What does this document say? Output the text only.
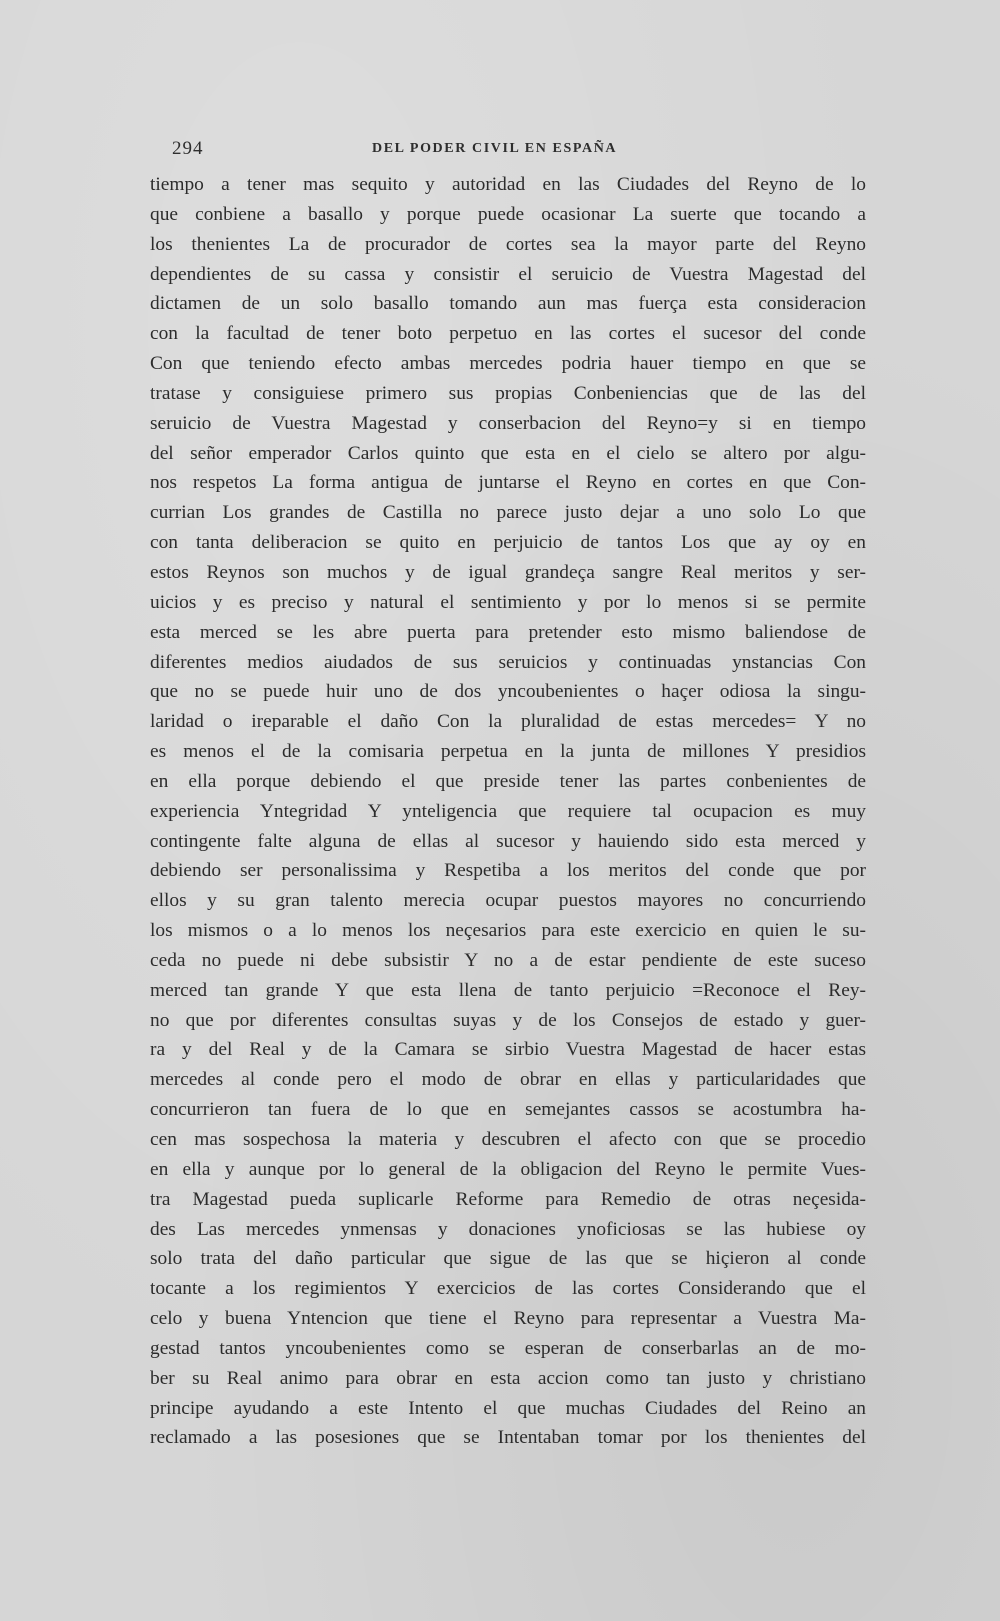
294	DEL PODER CIVIL EN ESPAÑA
tiempo a tener mas sequito y autoridad en las Ciudades del Reyno de lo
que conbiene a basallo y porque puede ocasionar La suerte que tocando a
los thenientes La de procurador de cortes sea la mayor parte del Reyno
dependientes de su cassa y consistir el seruicio de Vuestra Magestad del
dictamen de un solo basallo tomando aun mas fuerça esta consideracion
con la facultad de tener boto perpetuo en las cortes el sucesor del conde
Con que teniendo efecto ambas mercedes podria hauer tiempo en que se
tratase y consiguiese primero sus propias Conbeniencias que de las del
seruicio de Vuestra Magestad y conserbacion del Reyno=y si en tiempo
del señor emperador Carlos quinto que esta en el cielo se altero por algu-
nos respetos La forma antigua de juntarse el Reyno en cortes en que Con-
currian Los grandes de Castilla no parece justo dejar a uno solo Lo que
con tanta deliberacion se quito en perjuicio de tantos Los que ay oy en
estos Reynos son muchos y de igual grandeça sangre Real meritos y ser-
uicios y es preciso y natural el sentimiento y por lo menos si se permite
esta merced se les abre puerta para pretender esto mismo baliendose de
diferentes medios aiudados de sus seruicios y continuadas ynstancias Con
que no se puede huir uno de dos yncoubenientes o haçer odiosa la singu-
laridad o ireparable el daño Con la pluralidad de estas mercedes= Y no
es menos el de la comisaria perpetua en la junta de millones Y presidios
en ella porque debiendo el que preside tener las partes conbenientes de
experiencia Yntegridad Y ynteligencia que requiere tal ocupacion es muy
contingente falte alguna de ellas al sucesor y hauiendo sido esta merced y
debiendo ser personalissima y Respetiba a los meritos del conde que por
ellos y su gran talento merecia ocupar puestos mayores no concurriendo
los mismos o a lo menos los neçesarios para este exercicio en quien le su-
ceda no puede ni debe subsistir Y no a de estar pendiente de este suceso
merced tan grande Y que esta llena de tanto perjuicio =Reconoce el Rey-
no que por diferentes consultas suyas y de los Consejos de estado y guer-
ra y del Real y de la Camara se sirbio Vuestra Magestad de hacer estas
mercedes al conde pero el modo de obrar en ellas y particularidades que
concurrieron tan fuera de lo que en semejantes cassos se acostumbra ha-
cen mas sospechosa la materia y descubren el afecto con que se procedio
en ella y aunque por lo general de la obligacion del Reyno le permite Vues-
tra Magestad pueda suplicarle Reforme para Remedio de otras neçesida-
des Las mercedes ynmensas y donaciones ynoficiosas se las hubiese oy
solo trata del daño particular que sigue de las que se hiçieron al conde
tocante a los regimientos Y exercicios de las cortes Considerando que el
celo y buena Yntencion que tiene el Reyno para representar a Vuestra Ma-
gestad tantos yncoubenientes como se esperan de conserbarlas an de mo-
ber su Real animo para obrar en esta accion como tan justo y christiano
principe ayudando a este Intento el que muchas Ciudades del Reino an
reclamado a las posesiones que se Intentaban tomar por los thenientes del
